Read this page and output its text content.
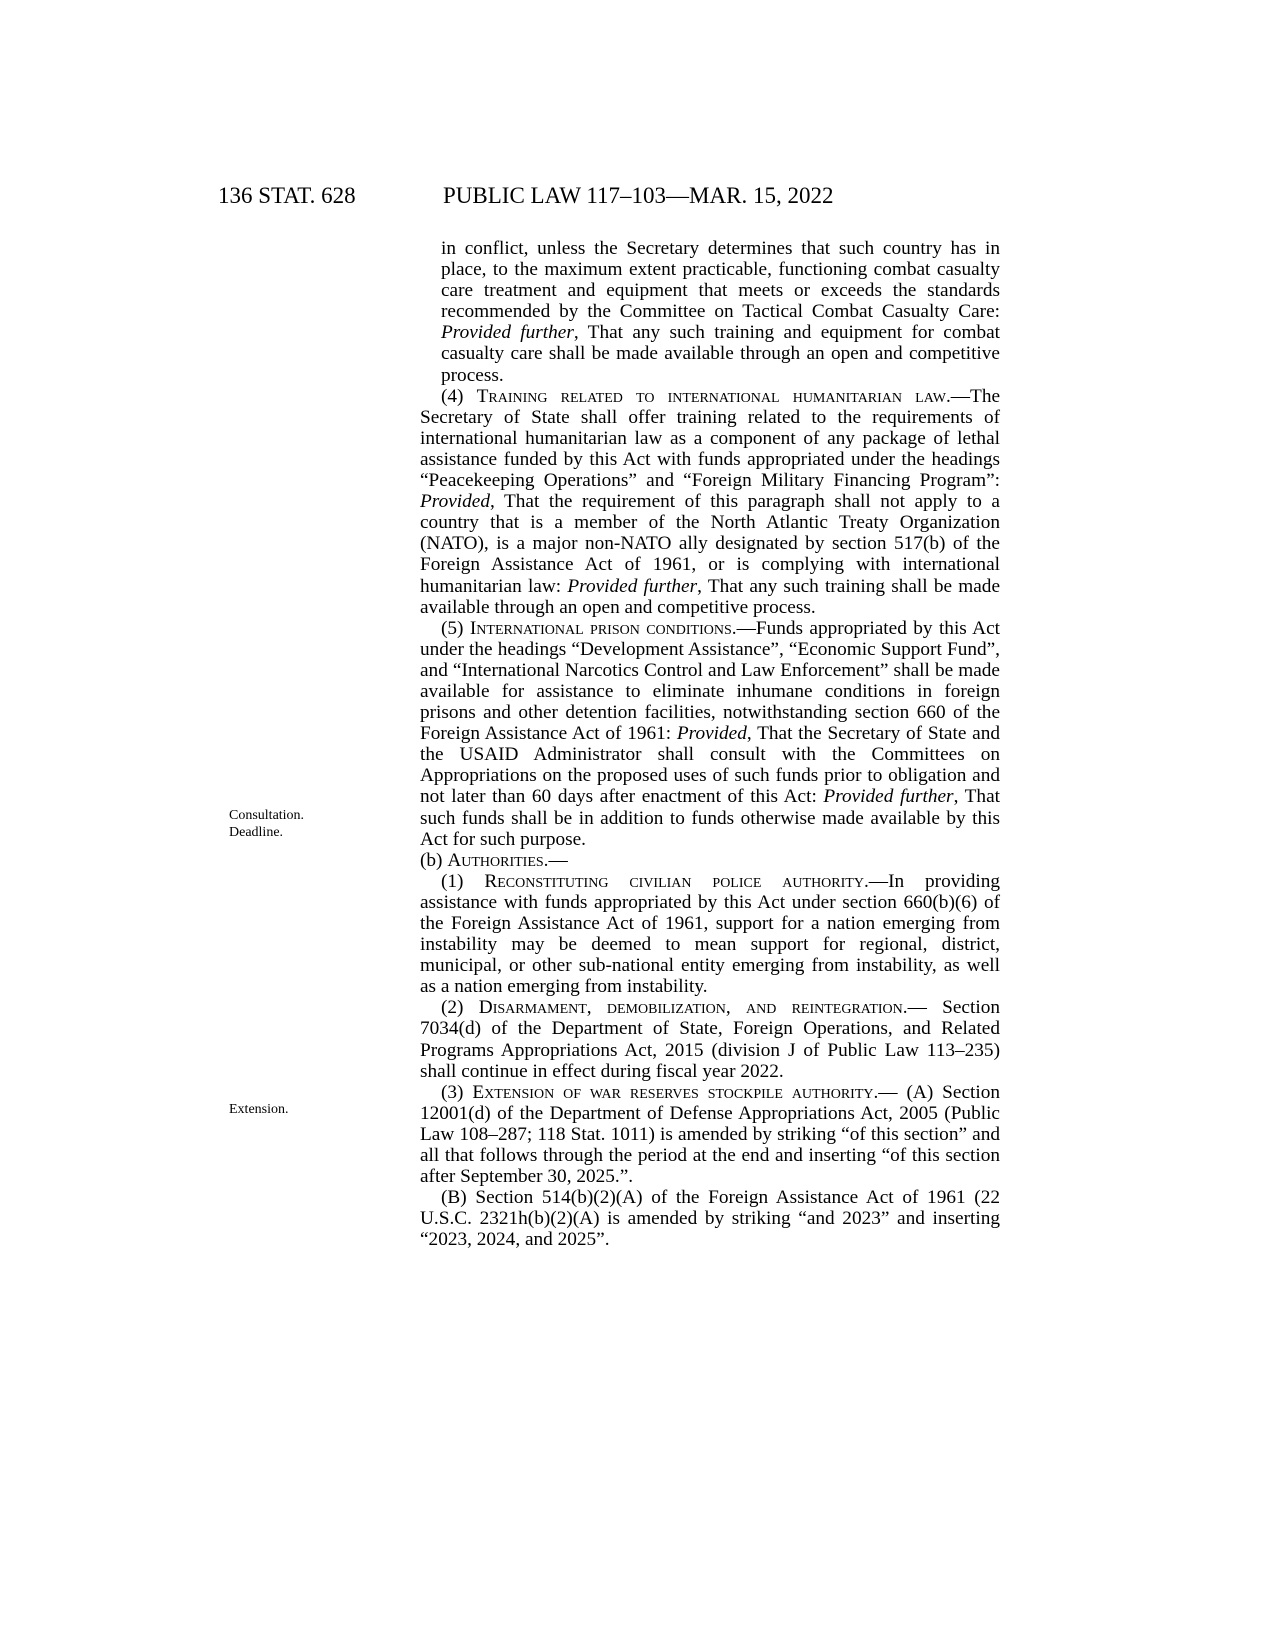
136 STAT. 628	PUBLIC LAW 117–103—MAR. 15, 2022
Consultation.
Deadline.
Extension.

in conflict, unless the Secretary determines that such country has in place, to the maximum extent practicable, functioning combat casualty care treatment and equipment that meets or exceeds the standards recommended by the Committee on Tactical Combat Casualty Care: Provided further, That any such training and equipment for combat casualty care shall be made available through an open and competitive process.

(4) Training related to international humanitarian law.—The Secretary of State shall offer training related to the requirements of international humanitarian law as a component of any package of lethal assistance funded by this Act with funds appropriated under the headings “Peacekeeping Operations” and “Foreign Military Financing Program”: Provided, That the requirement of this paragraph shall not apply to a country that is a member of the North Atlantic Treaty Organization (NATO), is a major non-NATO ally designated by section 517(b) of the Foreign Assistance Act of 1961, or is complying with international humanitarian law: Provided further, That any such training shall be made available through an open and competitive process.

(5) International prison conditions.—Funds appropriated by this Act under the headings “Development Assistance”, “Economic Support Fund”, and “International Narcotics Control and Law Enforcement” shall be made available for assistance to eliminate inhumane conditions in foreign prisons and other detention facilities, notwithstanding section 660 of the Foreign Assistance Act of 1961: Provided, That the Secretary of State and the USAID Administrator shall consult with the Committees on Appropriations on the proposed uses of such funds prior to obligation and not later than 60 days after enactment of this Act: Provided further, That such funds shall be in addition to funds otherwise made available by this Act for such purpose.

(b) Authorities.—

(1) Reconstituting civilian police authority.—In providing assistance with funds appropriated by this Act under section 660(b)(6) of the Foreign Assistance Act of 1961, support for a nation emerging from instability may be deemed to mean support for regional, district, municipal, or other sub-national entity emerging from instability, as well as a nation emerging from instability.

(2) Disarmament, demobilization, and reintegration.— Section 7034(d) of the Department of State, Foreign Operations, and Related Programs Appropriations Act, 2015 (division J of Public Law 113–235) shall continue in effect during fiscal year 2022.

(3) Extension of war reserves stockpile authority.— (A) Section 12001(d) of the Department of Defense Appropriations Act, 2005 (Public Law 108–287; 118 Stat. 1011) is amended by striking “of this section” and all that follows through the period at the end and inserting “of this section after September 30, 2025.”.

(B) Section 514(b)(2)(A) of the Foreign Assistance Act of 1961 (22 U.S.C. 2321h(b)(2)(A) is amended by striking “and 2023” and inserting “2023, 2024, and 2025”.
